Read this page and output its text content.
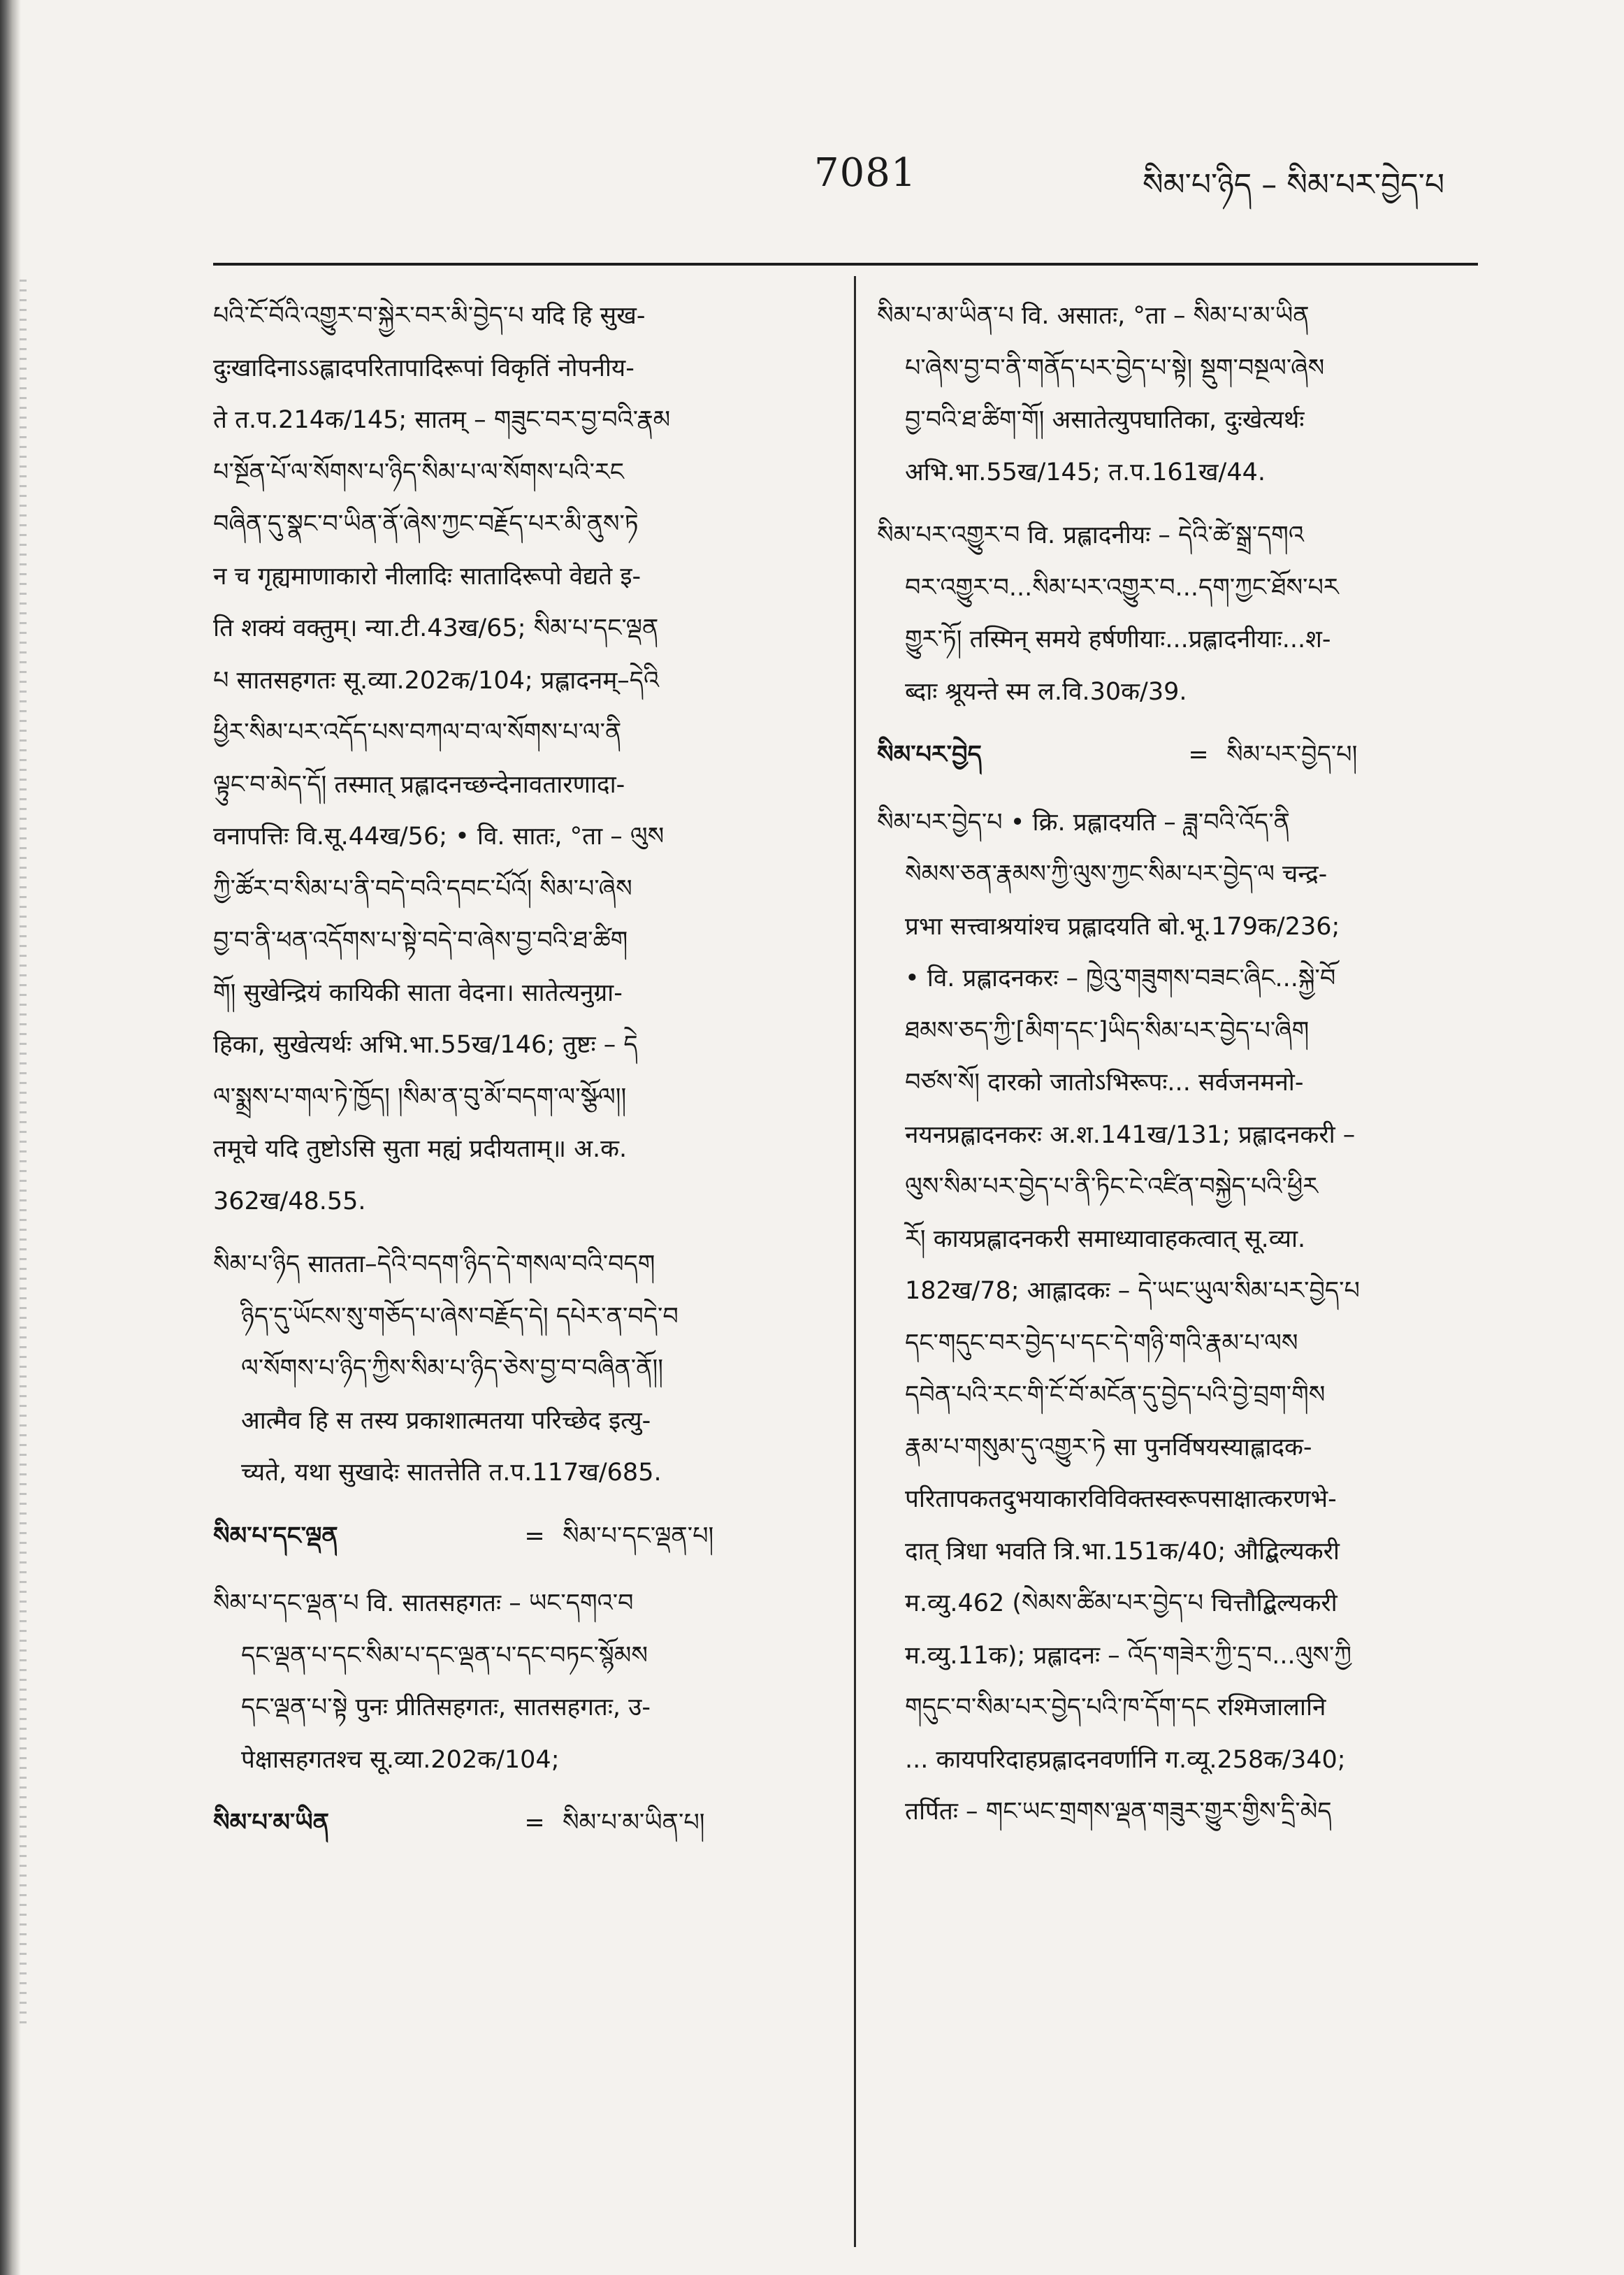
7081	སིམ་པ་ཉིད – སིམ་པར་བྱེད་པ
པའི་ངོ་བོའི་འགྱུར་བ་སྐྱེར་བར་མི་བྱེད་པ यदि हि सुख-
दुःखादिनाऽऽह्लादपरितापादिरूपां विकृतिं नोपनीय-
ते त.प.214क/145; सातम् – གཟུང་བར་བྱ་བའི་རྣམ
པ་སྔོན་པོ་ལ་སོགས་པ་ཉིད་སིམ་པ་ལ་སོགས་པའི་རང
བཞིན་དུ་སྣང་བ་ཡིན་ནོ་ཞེས་ཀྱང་བརྗོད་པར་མི་ནུས་ཏེ
न च गृह्यमाणाकारो नीलादिः सातादिरूपो वेद्यते इ-
ति शक्यं वक्तुम्। न्या.टी.43ख/65; སིམ་པ་དང་ལྡན
པ सातसहगतः सू.व्या.202क/104; प्रह्लादनम्–དེའི
ཕྱིར་སིམ་པར་འདོད་པས་བཀལ་བ་ལ་སོགས་པ་ལ་ནི
ལྟུང་བ་མེད་དོ། तस्मात् प्रह्लादनच्छन्देनावतारणादा-
वनापत्तिः वि.सू.44ख/56; • वि. सातः, °ता – ལུས
ཀྱི་ཚོར་བ་སིམ་པ་ནི་བདེ་བའི་དབང་པོའོ། སིམ་པ་ཞེས
བྱ་བ་ནི་ཕན་འདོགས་པ་སྟེ་བདེ་བ་ཞེས་བྱ་བའི་ཐ་ཚིག
གོ། सुखेन्द्रियं कायिकी साता वेदना। सातेत्यनुग्रा-
हिका, सुखेत्यर्थः अभि.भा.55ख/146; तुष्टः – དེ
ལ་སྨྲས་པ་གལ་ཏེ་ཁྱོད། །སིམ་ན་བུ་མོ་བདག་ལ་སྩོལ།།
तमूचे यदि तुष्टोऽसि सुता मह्यं प्रदीयताम्॥ अ.क.
362ख/48.55.
སིམ་པ་ཉིད सातता–དེའི་བདག་ཉིད་དེ་གསལ་བའི་བདག
ཉིད་དུ་ཡོངས་སུ་གཅོད་པ་ཞེས་བརྗོད་དེ། དཔེར་ན་བདེ་བ
ལ་སོགས་པ་ཉིད་ཀྱིས་སིམ་པ་ཉིད་ཅེས་བྱ་བ་བཞིན་ནོ།།
आत्मैव हि स तस्य प्रकाशात्मतया परिच्छेद इत्यु-
च्यते, यथा सुखादेः सातत्तेति त.प.117ख/685.
སིམ་པ་དང་ལྡན	= སིམ་པ་དང་ལྡན་པ།
སིམ་པ་དང་ལྡན་པ वि. सातसहगतः – ཡང་དགའ་བ
དང་ལྡན་པ་དང་སིམ་པ་དང་ལྡན་པ་དང་བཏང་སྙོམས
དང་ལྡན་པ་སྟེ पुनः प्रीतिसहगतः, सातसहगतः, उ-
पेक्षासहगतश्च सू.व्या.202क/104;
སིམ་པ་མ་ཡིན	= སིམ་པ་མ་ཡིན་པ།
སིམ་པ་མ་ཡིན་པ वि. असातः, °ता – སིམ་པ་མ་ཡིན
པ་ཞེས་བྱ་བ་ནི་གནོད་པར་བྱེད་པ་སྟེ། སྡུག་བསྔལ་ཞེས
བྱ་བའི་ཐ་ཚིག་གོ། असातेत्युपघातिका, दुःखेत्यर्थः
अभि.भा.55ख/145; त.प.161ख/44.
སིམ་པར་འགྱུར་བ वि. प्रह्लादनीयः – དེའི་ཚེ་སྒྲ་དགའ
བར་འགྱུར་བ...སིམ་པར་འགྱུར་བ...དག་ཀྱང་ཐོས་པར
གྱུར་ཏོ། तस्मिन् समये हर्षणीयाः...प्रह्लादनीयाः...श-
ब्दाः श्रूयन्ते स्म ल.वि.30क/39.
སིམ་པར་བྱེད	= སིམ་པར་བྱེད་པ།
སིམ་པར་བྱེད་པ • क्रि. प्रह्लादयति – ཟླ་བའི་འོད་ནི
སེམས་ཅན་རྣམས་ཀྱི་ལུས་ཀྱང་སིམ་པར་བྱེད་ལ चन्द्र-
प्रभा सत्त्वाश्रयांश्च प्रह्लादयति बो.भू.179क/236;
• वि. प्रह्लादनकरः – ཁྱེའུ་གཟུགས་བཟང་ཞིང...སྐྱེ་བོ
ཐམས་ཅད་ཀྱི་[མིག་དང་]ཡིད་སིམ་པར་བྱེད་པ་ཞིག
བཙས་སོ། दारको जातोऽभिरूपः... सर्वजनमनो-
नयनप्रह्लादनकरः अ.श.141ख/131; प्रह्लादनकरी –
ལུས་སིམ་པར་བྱེད་པ་ནི་ཏིང་ངེ་འཛིན་བསྐྱེད་པའི་ཕྱིར
རོ། कायप्रह्लादनकरी समाध्यावाहकत्वात् सू.व्या.
182ख/78; आह्लादकः – དེ་ཡང་ཡུལ་སིམ་པར་བྱེད་པ
དང་གདུང་བར་བྱེད་པ་དང་དེ་གཉི་གའི་རྣམ་པ་ལས
དབེན་པའི་རང་གི་ངོ་བོ་མངོན་དུ་བྱེད་པའི་བྱེ་བྲག་གིས
རྣམ་པ་གསུམ་དུ་འགྱུར་ཏེ सा पुनर्विषयस्याह्लादक-
परितापकतदुभयाकारविविक्तस्वरूपसाक्षात्करणभे-
दात् त्रिधा भवति त्रि.भा.151क/40; औद्बिल्यकरी
म.व्यु.462 (སེམས་ཚིམ་པར་བྱེད་པ चित्तौद्बिल्यकरी
म.व्यु.11क); प्रह्लादनः – འོད་གཟེར་ཀྱི་དྲ་བ...ལུས་ཀྱི
གདུང་བ་སིམ་པར་བྱེད་པའི་ཁ་དོག་དང रश्मिजालानि
... कायपरिदाहप्रह्लादनवर्णानि ग.व्यू.258क/340;
तर्पितः – གང་ཡང་གྲགས་ལྡན་གཟུར་གྱུར་གྱིས་དྲི་མེད
